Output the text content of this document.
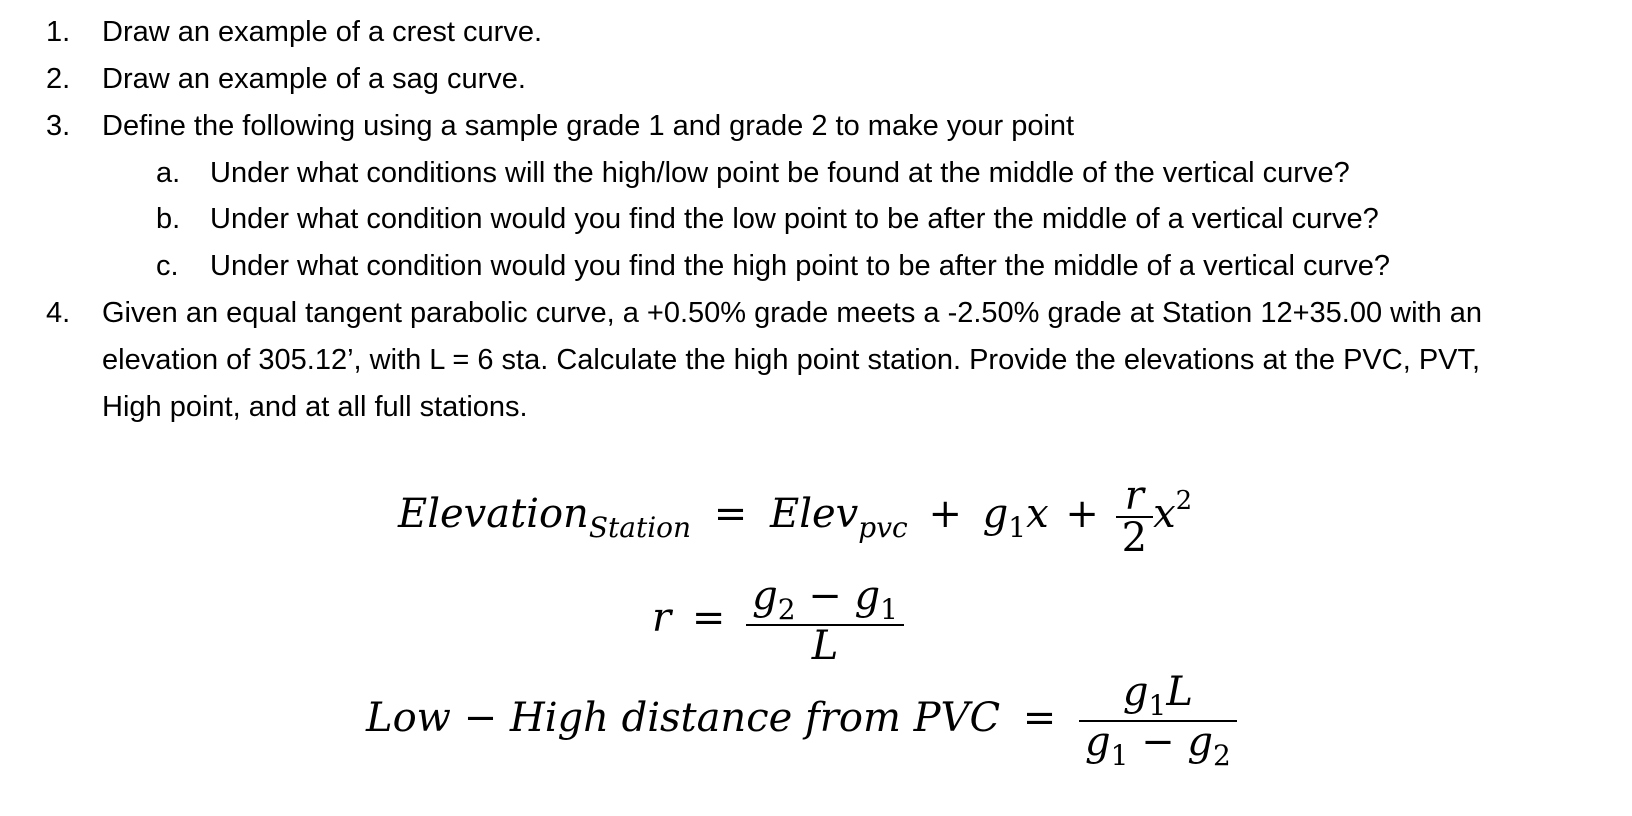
1. Draw an example of a crest curve.
2. Draw an example of a sag curve.
3. Define the following using a sample grade 1 and grade 2 to make your point
a. Under what conditions will the high/low point be found at the middle of the vertical curve?
b. Under what condition would you find the low point to be after the middle of a vertical curve?
c. Under what condition would you find the high point to be after the middle of a vertical curve?
4. Given an equal tangent parabolic curve, a +0.50% grade meets a -2.50% grade at Station 12+35.00 with an
elevation of 305.12’, with L = 6 sta. Calculate the high point station. Provide the elevations at the PVC, PVT,
High point, and at all full stations.
Elevation$_{Station}$ = Elev$_{pvc}$ + $g_1x + \frac{r}{2} x^2$
$r = \frac{g_2 - g_1}{L}$
Low − High distance from PVC = $\frac{g_1L}{g_1 - g_2}$
